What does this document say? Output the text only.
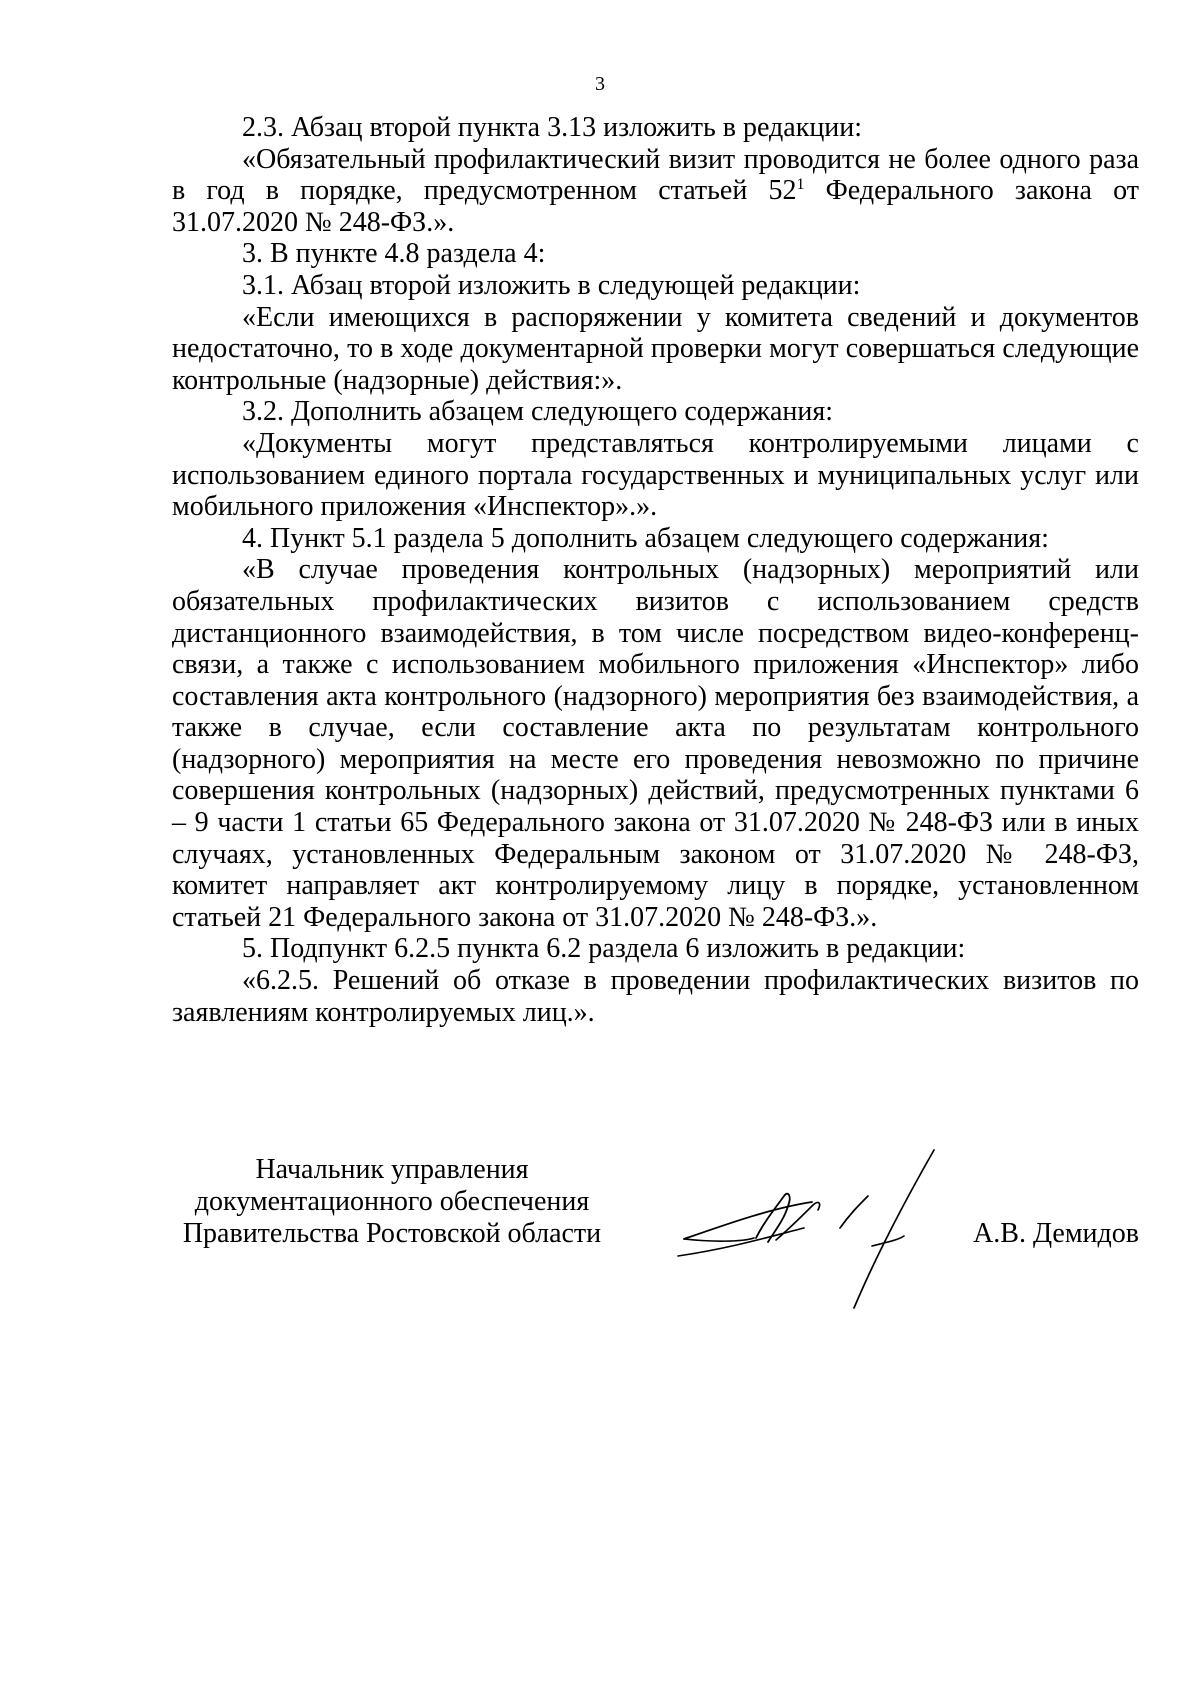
3

2.3. Абзац второй пункта 3.13 изложить в редакции:

«Обязательный профилактический визит проводится не более одного раза в год в порядке, предусмотренном статьей $52^1$ Федерального закона от 31.07.2020 № 248-ФЗ.».

3. В пункте 4.8 раздела 4:

3.1. Абзац второй изложить в следующей редакции:

«Если имеющихся в распоряжении у комитета сведений и документов недостаточно, то в ходе документарной проверки могут совершаться следующие контрольные (надзорные) действия:».

3.2. Дополнить абзацем следующего содержания:

«Документы могут представляться контролируемыми лицами с использованием единого портала государственных и муниципальных услуг или мобильного приложения «Инспектор».».

4. Пункт 5.1 раздела 5 дополнить абзацем следующего содержания:

«В случае проведения контрольных (надзорных) мероприятий или обязательных профилактических визитов с использованием средств дистанционного взаимодействия, в том числе посредством видео-конференц-связи, а также с использованием мобильного приложения «Инспектор» либо составления акта контрольного (надзорного) мероприятия без взаимодействия, а также в случае, если составление акта по результатам контрольного (надзорного) мероприятия на месте его проведения невозможно по причине совершения контрольных (надзорных) действий, предусмотренных пунктами 6 – 9 части 1 статьи 65 Федерального закона от 31.07.2020 № 248-ФЗ или в иных случаях, установленных Федеральным законом от 31.07.2020 № 248-ФЗ, комитет направляет акт контролируемому лицу в порядке, установленном статьей 21 Федерального закона от 31.07.2020 № 248-ФЗ.».

5. Подпункт 6.2.5 пункта 6.2 раздела 6 изложить в редакции:

«6.2.5. Решений об отказе в проведении профилактических визитов по заявлениям контролируемых лиц.».

Начальник управления
документационного обеспечения
Правительства Ростовской области	А.В. Демидов
